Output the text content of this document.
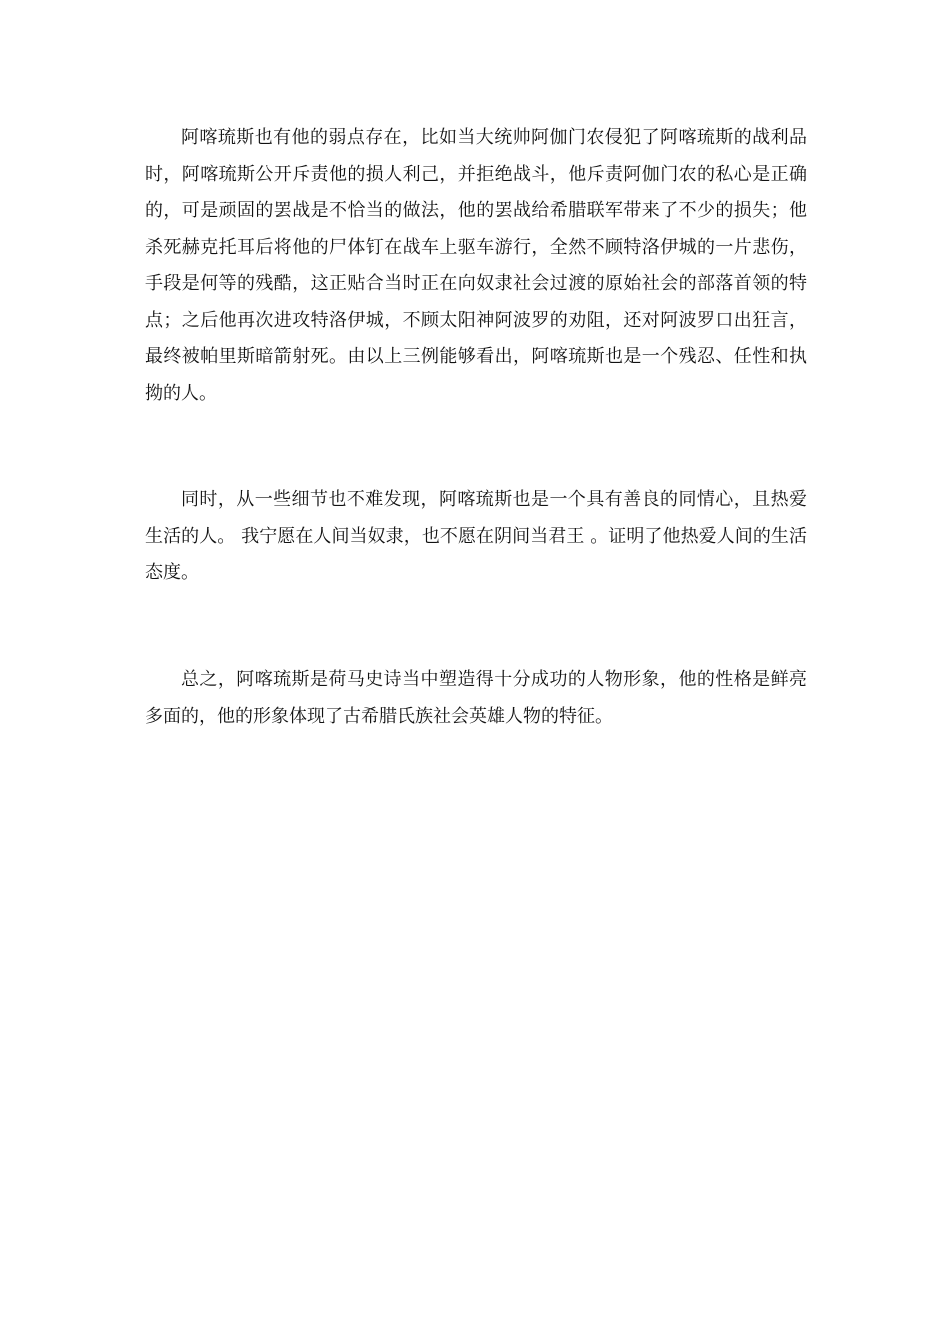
阿喀琉斯也有他的弱点存在，比如当大统帅阿伽门农侵犯了阿喀琉斯的战利品时，阿喀琉斯公开斥责他的损人利己，并拒绝战斗，他斥责阿伽门农的私心是正确的，可是顽固的罢战是不恰当的做法，他的罢战给希腊联军带来了不少的损失；他杀死赫克托耳后将他的尸体钉在战车上驱车游行，全然不顾特洛伊城的一片悲伤，手段是何等的残酷，这正贴合当时正在向奴隶社会过渡的原始社会的部落首领的特点；之后他再次进攻特洛伊城，不顾太阳神阿波罗的劝阻，还对阿波罗口出狂言，最终被帕里斯暗箭射死。由以上三例能够看出，阿喀琉斯也是一个残忍、任性和执拗的人。

同时，从一些细节也不难发现，阿喀琉斯也是一个具有善良的同情心，且热爱生活的人。 我宁愿在人间当奴隶，也不愿在阴间当君王 。证明了他热爱人间的生活态度。

总之，阿喀琉斯是荷马史诗当中塑造得十分成功的人物形象，他的性格是鲜亮多面的，他的形象体现了古希腊氏族社会英雄人物的特征。
